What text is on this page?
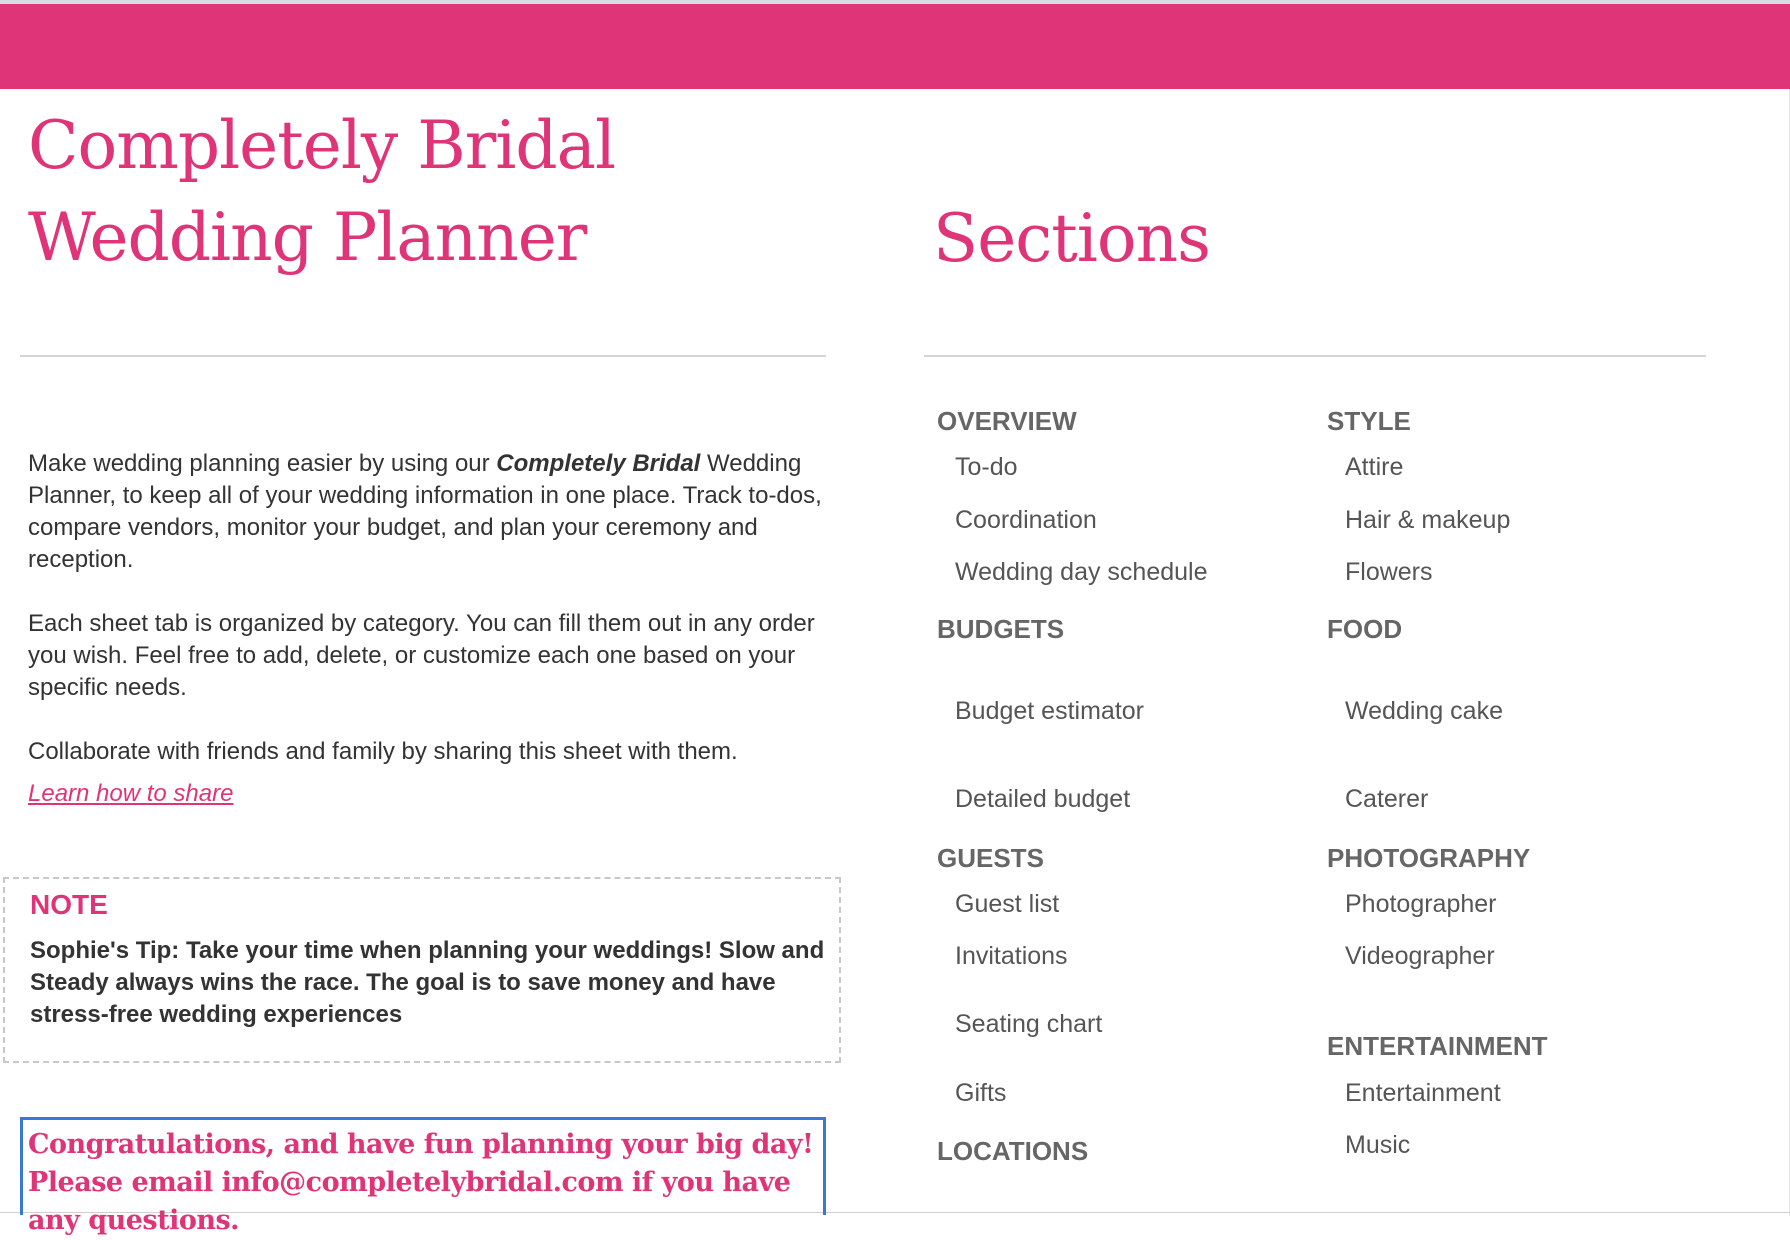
Completely Bridal
Wedding Planner	Sections

Make wedding planning easier by using our Completely Bridal Wedding Planner, to keep all of your wedding information in one place. Track to-dos, compare vendors, monitor your budget, and plan your ceremony and reception.

Each sheet tab is organized by category. You can fill them out in any order you wish. Feel free to add, delete, or customize each one based on your specific needs.

Collaborate with friends and family by sharing this sheet with them.

Learn how to share
NOTE
Sophie's Tip: Take your time when planning your weddings! Slow and Steady always wins the race. The goal is to save money and have stress-free wedding experiences
Congratulations, and have fun planning your big day! Please email info@completelybridal.com if you have any questions.
OVERVIEW
To-do
Coordination
Wedding day schedule
BUDGETS
Budget estimator
Detailed budget
GUESTS
Guest list
Invitations
Seating chart
Gifts
LOCATIONS
STYLE
Attire
Hair & makeup
Flowers
FOOD
Wedding cake
Caterer
PHOTOGRAPHY
Photographer
Videographer
ENTERTAINMENT
Entertainment
Music
